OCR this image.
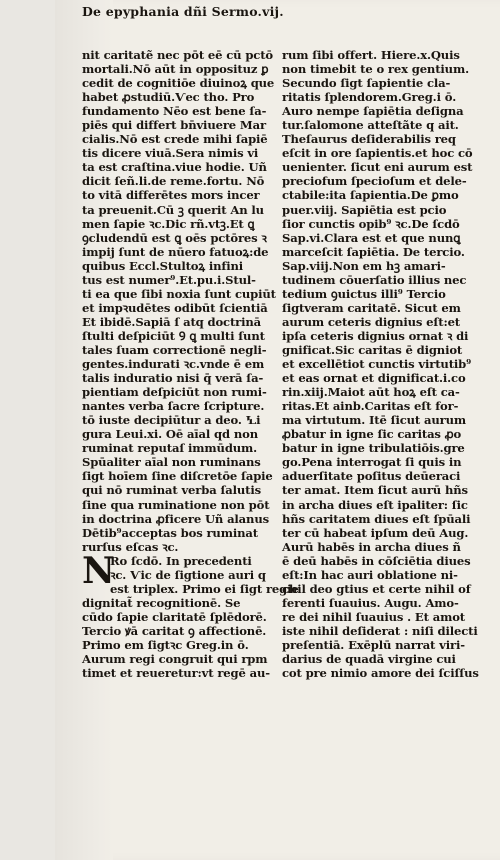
De epyphania dñi Sermo.vij.
nit caritatẽ nec pōt eē cū pctō
mortali.Nō aūt in opposituz ꝑ
cedit de cognitiōe diuinoꝝ que
habet ꝓstudiū.Ѵec tho. Pro
fundamento Nēo est bene ſa-
piēs qui differt bn̄viuere Mar
cialis.Nō est crede mihi ſapiē
tis dicere viuā.Sera nimis vi
ta est craſtina.viue hodie. Uñ
dicit ſeñ.li.de reme.fortu. Nō
to vitā differētes mors incer
ta preuenit.Cū ꝫ querit An lu
men ſapie ꝛc.Dic rñ.vtꝫ.Et ꝗ
ꝯcludendū est ꝗ oēs pctōres ꝛ
impij ſunt de nūero fatuoꝝ:de
quibus Eccl.Stultoꝝ infini
tus est numer⁹.Et.pu.i.Stul-
ti ea que ſibi noxia ſunt cupiūt
et impꝛudētes odibūt ſcientiā
Et ibidē.Sapiā ſ atq doctrinā
ſtulti deſpiciūt Ꝯ ꝗ multi ſunt
tales ſuam correctionē negli-
gentes.indurati ꝛc.vnde ē em
talis induratio nisi q̄ verā ſa-
pientiam deſpiciūt non rumi-
nantes verba ſacre ſcripture.
tō iuste decipiūtur a deo. Ꝇi
gura Leui.xi. Oē aīal qd non
ruminat reputaſ immūdum.
Spūaliter aīal non ruminans
ſigt hoīem ſine diſcretōe ſapie
qui nō ruminat verba ſalutis
ſine qua ruminatione non pōt
in doctrina ꝓficere Uñ alanus
Dētib⁹acceptas bos ruminat
rurſus eſcas ꝛc.
N
Ro ſcdō. In precedenti
ꝛc. Ѵic de ſigtione auri q
est triplex. Primo ei ſigt regie
dignitat̃ recognitionē. Se
cūdo ſapie claritatē ſplēdorē.
Tercio ꝟā caritat ꝯ affectionē.
Primo em ſigtꝛc Greg.in ō.
Aurum regi congruit qui rpm
timet et reueretur:vt regē au-
rum ſibi offert. Hiere.x.Quis
non timebit te o rex gentium.
Secundo ſigt ſapientie cla-
ritatis ſplendorem.Greg.i ō.
Auro nempe ſapiētia deſigna
tur.ſalomone atteſtãte q ait.
Theſaurus deſiderabilis req
eſcit in ore ſapientis.et hoc cō
uenienter. ſicut eni aurum est
preciofum ſpecioſum et dele-
ctabile:ita ſapientia.De ꝑmo
puer.viij. Sapiētia est pcio
ſior cunctis opib⁹ ꝛc.De ſcdō
Sap.vi.Clara est et que nunꝗ
marceſcit ſapiētia. De tercio.
Sap.viij.Non em hꝫ amari-
tudinem cōuerſatio illius nec
tedium ꝯuictus illi⁹ Tercio
ſigtveram caritatē. Sicut em
aurum ceteris dignius eſt:et
ipſa ceteris dignius ornat ꝛ di
gnificat.Sic caritas ē digniot
et excellētiot cunctis virtutib⁹
et eas ornat et dignificat.i.co
rin.xiij.Maiot aūt hoꝝ eſt ca-
ritas.Et ainb.Caritas eſt for-
ma virtutum. Itē ſicut aurum
ꝓbatur in igne ſic caritas ꝓo
batur in igne tribulatiōis.gre
go.Pena interrogat ſi quis in
aduerſitate poſitus deūeraci
ter amat. Item ſicut aurū hñs
in archa diues eſt ipaliter: ſic
hñs caritatem diues eſt ſpūali
ter cū habeat ipſum deū Aug.
Aurū habēs in archa diues ñ
ē deū habēs in cōſciētia diues
eſt:In hac auri oblatione ni-
chil deo gtius et certe nihil of
ferenti ſuauius. Augu. Amo-
re dei nihil ſuauius . Et amot
iste nihil deſiderat : niſi dilecti
preſentiā. Exēplū narrat viri-
darius de quadā virgine cui
cot pre nimio amore dei ſciſſus
